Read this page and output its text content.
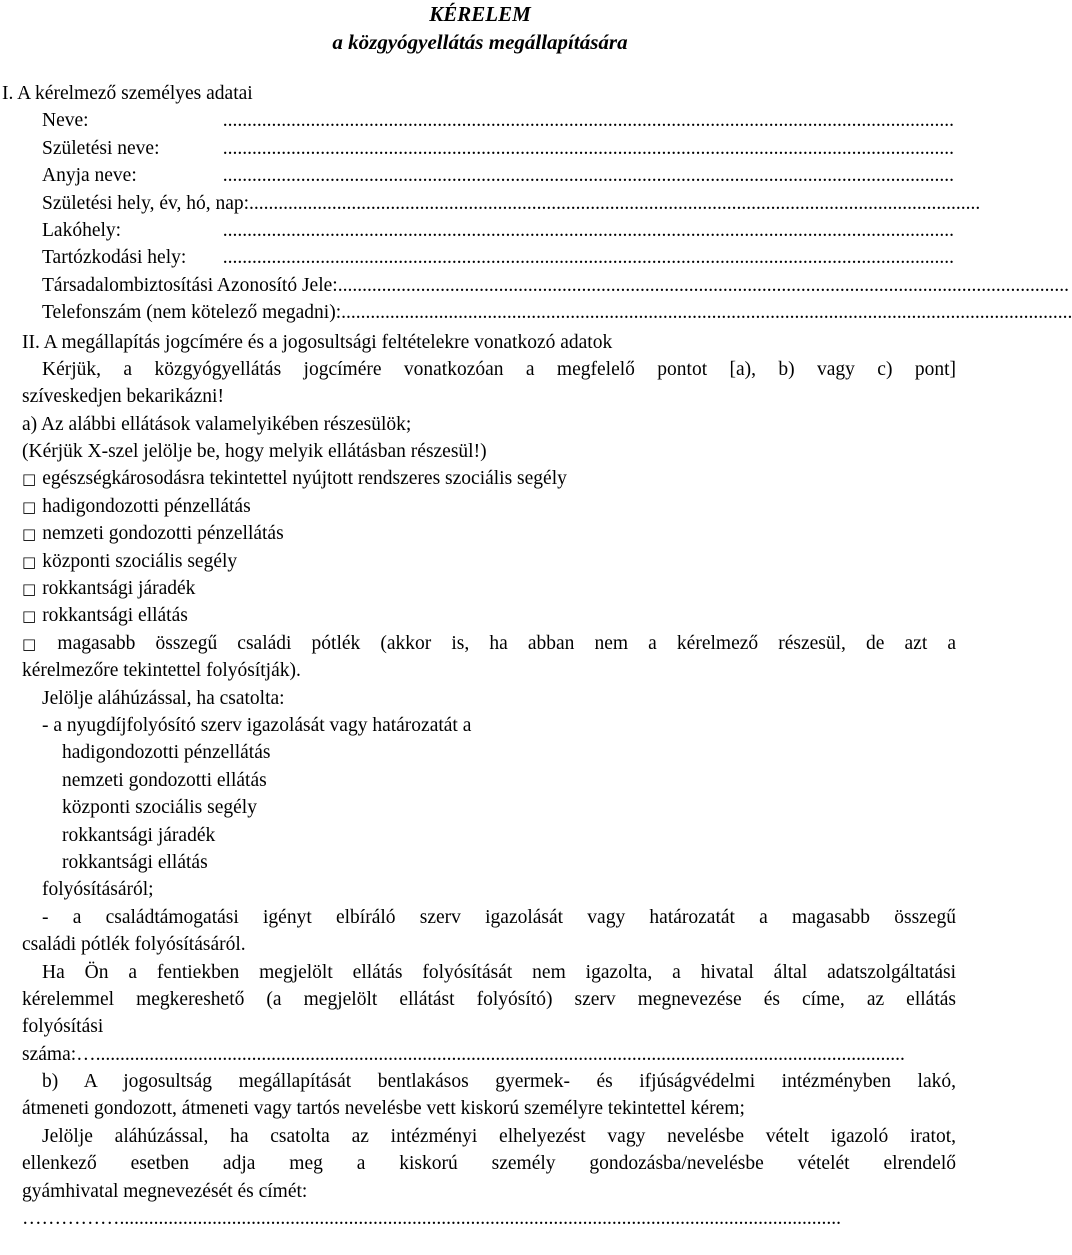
KÉRELEM
a közgyógyellátás megállapítására
I. A kérelmező személyes adatai
Neve:	......................................................................................................................................................
Születési neve:	......................................................................................................................................................
Anyja neve:	......................................................................................................................................................
Születési hely, év, hó, nap: ......................................................................................................................................................
Lakóhely:	......................................................................................................................................................
Tartózkodási hely:	......................................................................................................................................................
Társadalombiztosítási Azonosító Jele: ......................................................................................................................................................
Telefonszám (nem kötelező megadni): ......................................................................................................................................................
II. A megállapítás jogcímére és a jogosultsági feltételekre vonatkozó adatok
Kérjük, a közgyógyellátás jogcímére vonatkozóan a megfelelő pontot [a), b) vagy c) pont]
szíveskedjen bekarikázni!
a) Az alábbi ellátások valamelyikében részesülök;
(Kérjük X-szel jelölje be, hogy melyik ellátásban részesül!)
□ egészségkárosodásra tekintettel nyújtott rendszeres szociális segély
□ hadigondozotti pénzellátás
□ nemzeti gondozotti pénzellátás
□ központi szociális segély
□ rokkantsági járadék
□ rokkantsági ellátás
□ magasabb összegű családi pótlék (akkor is, ha abban nem a kérelmező részesül, de azt a
kérelmezőre tekintettel folyósítják).
Jelölje aláhúzással, ha csatolta:
- a nyugdíjfolyósító szerv igazolását vagy határozatát a
hadigondozotti pénzellátás
nemzeti gondozotti ellátás
központi szociális segély
rokkantsági járadék
rokkantsági ellátás
folyósításáról;
- a családtámogatási igényt elbíráló szerv igazolását vagy határozatát a magasabb összegű
családi pótlék folyósításáról.
Ha Ön a fentiekben megjelölt ellátás folyósítását nem igazolta, a hivatal által adatszolgáltatási
kérelemmel megkereshető (a megjelölt ellátást folyósító) szerv megnevezése és címe, az ellátás
folyósítási
száma:… ......................................................................................................................................................................
b) A jogosultság megállapítását bentlakásos gyermek- és ifjúságvédelmi intézményben lakó,
átmeneti gondozott, átmeneti vagy tartós nevelésbe vett kiskorú személyre tekintettel kérem;
Jelölje aláhúzással, ha csatolta az intézményi elhelyezést vagy nevelésbe vételt igazoló iratot,
ellenkező esetben adja meg a kiskorú személy gondozásba/nevelésbe vételét elrendelő
gyámhivatal megnevezését és címét:
……………....................................................................................................................................................
